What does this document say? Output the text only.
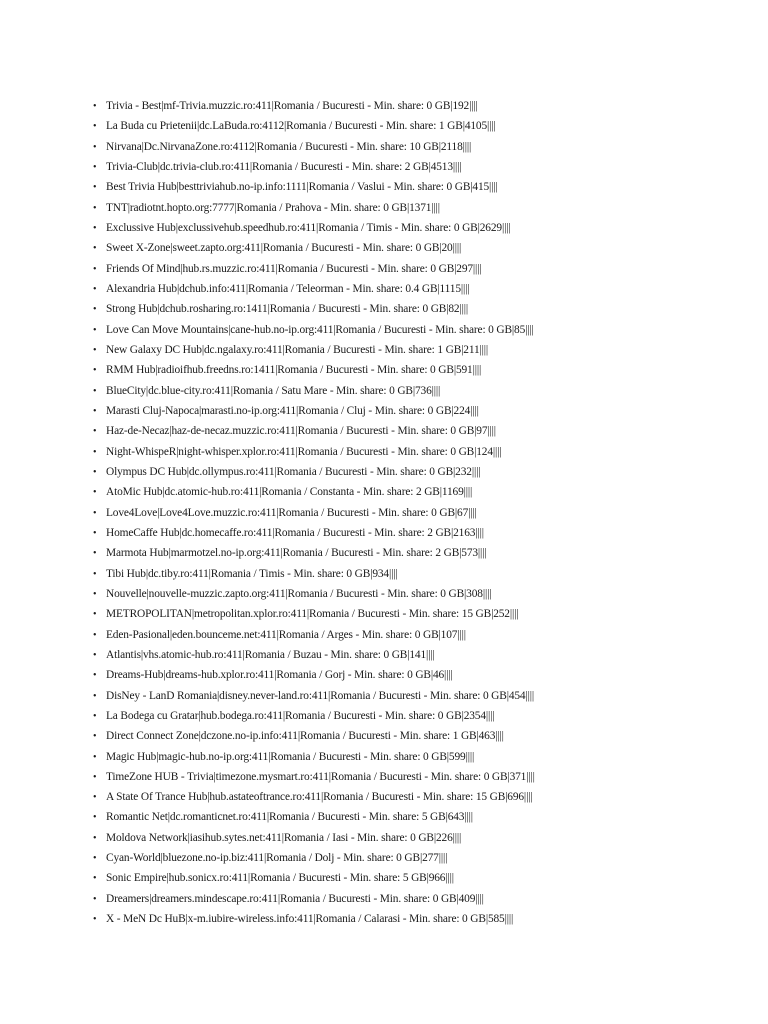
• Trivia - Best|mf-Trivia.muzzic.ro:411|Romania / Bucuresti - Min. share: 0 GB|192||||
• La Buda cu Prietenii|dc.LaBuda.ro:4112|Romania / Bucuresti - Min. share: 1 GB|4105||||
• Nirvana|Dc.NirvanaZone.ro:4112|Romania / Bucuresti - Min. share: 10 GB|2118||||
• Trivia-Club|dc.trivia-club.ro:411|Romania / Bucuresti - Min. share: 2 GB|4513||||
• Best Trivia Hub|besttriviahub.no-ip.info:1111|Romania / Vaslui - Min. share: 0 GB|415||||
• TNT|radiotnt.hopto.org:7777|Romania / Prahova - Min. share: 0 GB|1371||||
• Exclussive Hub|exclussivehub.speedhub.ro:411|Romania / Timis - Min. share: 0 GB|2629||||
• Sweet X-Zone|sweet.zapto.org:411|Romania / Bucuresti - Min. share: 0 GB|20||||
• Friends Of Mind|hub.rs.muzzic.ro:411|Romania / Bucuresti - Min. share: 0 GB|297||||
• Alexandria Hub|dchub.info:411|Romania / Teleorman - Min. share: 0.4 GB|1115||||
• Strong Hub|dchub.rosharing.ro:1411|Romania / Bucuresti - Min. share: 0 GB|82||||
• Love Can Move Mountains|cane-hub.no-ip.org:411|Romania / Bucuresti - Min. share: 0 GB|85||||
• New Galaxy DC Hub|dc.ngalaxy.ro:411|Romania / Bucuresti - Min. share: 1 GB|211||||
• RMM Hub|radioifhub.freedns.ro:1411|Romania / Bucuresti - Min. share: 0 GB|591||||
• BlueCity|dc.blue-city.ro:411|Romania / Satu Mare - Min. share: 0 GB|736||||
• Marasti Cluj-Napoca|marasti.no-ip.org:411|Romania / Cluj - Min. share: 0 GB|224||||
• Haz-de-Necaz|haz-de-necaz.muzzic.ro:411|Romania / Bucuresti - Min. share: 0 GB|97||||
• Night-WhispeR|night-whisper.xplor.ro:411|Romania / Bucuresti - Min. share: 0 GB|124||||
• Olympus DC Hub|dc.ollympus.ro:411|Romania / Bucuresti - Min. share: 0 GB|232||||
• AtoMic Hub|dc.atomic-hub.ro:411|Romania / Constanta - Min. share: 2 GB|1169||||
• Love4Love|Love4Love.muzzic.ro:411|Romania / Bucuresti - Min. share: 0 GB|67||||
• HomeCaffe Hub|dc.homecaffe.ro:411|Romania / Bucuresti - Min. share: 2 GB|2163||||
• Marmota Hub|marmotzel.no-ip.org:411|Romania / Bucuresti - Min. share: 2 GB|573||||
• Tibi Hub|dc.tiby.ro:411|Romania / Timis - Min. share: 0 GB|934||||
• Nouvelle|nouvelle-muzzic.zapto.org:411|Romania / Bucuresti - Min. share: 0 GB|308||||
• METROPOLITAN|metropolitan.xplor.ro:411|Romania / Bucuresti - Min. share: 15 GB|252||||
• Eden-Pasional|eden.bounceme.net:411|Romania / Arges - Min. share: 0 GB|107||||
• Atlantis|vhs.atomic-hub.ro:411|Romania / Buzau - Min. share: 0 GB|141||||
• Dreams-Hub|dreams-hub.xplor.ro:411|Romania / Gorj - Min. share: 0 GB|46||||
• DisNey - LanD Romania|disney.never-land.ro:411|Romania / Bucuresti - Min. share: 0 GB|454||||
• La Bodega cu Gratar|hub.bodega.ro:411|Romania / Bucuresti - Min. share: 0 GB|2354||||
• Direct Connect Zone|dczone.no-ip.info:411|Romania / Bucuresti - Min. share: 1 GB|463||||
• Magic Hub|magic-hub.no-ip.org:411|Romania / Bucuresti - Min. share: 0 GB|599||||
• TimeZone HUB - Trivia|timezone.mysmart.ro:411|Romania / Bucuresti - Min. share: 0 GB|371||||
• A State Of Trance Hub|hub.astateoftrance.ro:411|Romania / Bucuresti - Min. share: 15 GB|696||||
• Romantic Net|dc.romanticnet.ro:411|Romania / Bucuresti - Min. share: 5 GB|643||||
• Moldova Network|iasihub.sytes.net:411|Romania / Iasi - Min. share: 0 GB|226||||
• Cyan-World|bluezone.no-ip.biz:411|Romania / Dolj - Min. share: 0 GB|277||||
• Sonic Empire|hub.sonicx.ro:411|Romania / Bucuresti - Min. share: 5 GB|966||||
• Dreamers|dreamers.mindescape.ro:411|Romania / Bucuresti - Min. share: 0 GB|409||||
• X - MeN Dc HuB|x-m.iubire-wireless.info:411|Romania / Calarasi - Min. share: 0 GB|585||||
